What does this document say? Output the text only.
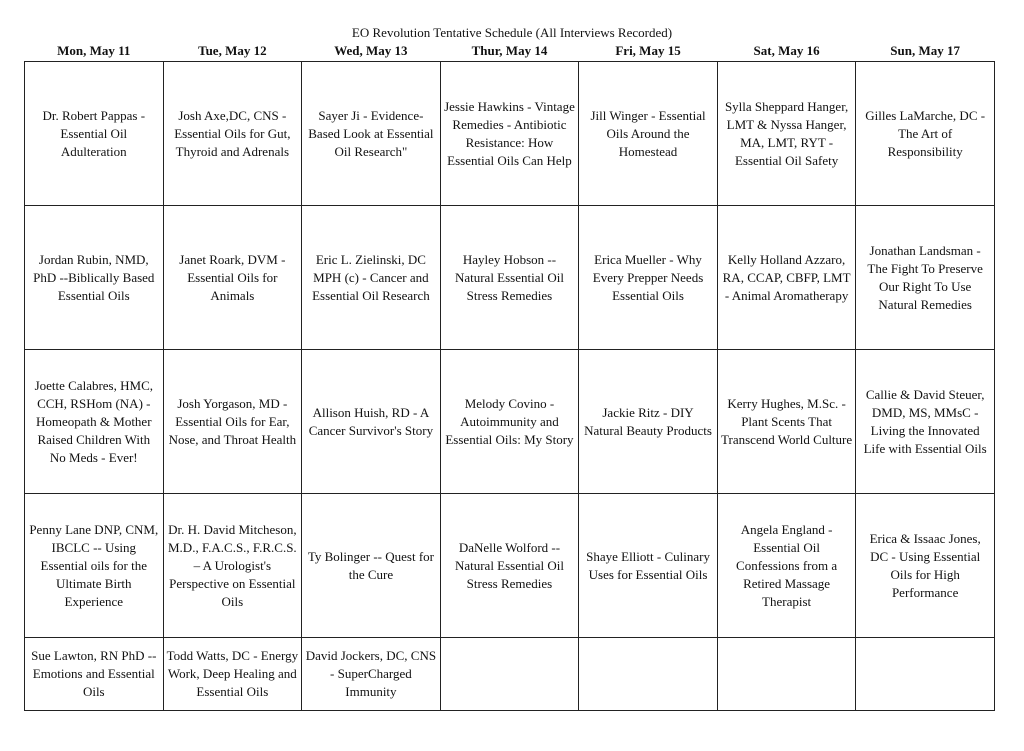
EO Revolution Tentative Schedule (All Interviews Recorded)
Mon, May 11	Tue, May 12	Wed, May 13	Thur, May 14	Fri, May 15	Sat, May 16	Sun, May 17
Dr. Robert Pappas - Essential Oil Adulteration	Josh Axe,DC, CNS - Essential Oils for Gut, Thyroid and Adrenals	Sayer Ji - Evidence-Based Look at Essential Oil Research"	Jessie Hawkins - Vintage Remedies - Antibiotic Resistance: How Essential Oils Can Help	Jill Winger - Essential Oils Around the Homestead	Sylla Sheppard Hanger, LMT & Nyssa Hanger, MA, LMT, RYT - Essential Oil Safety	Gilles LaMarche, DC - The Art of Responsibility
Jordan Rubin, NMD, PhD --Biblically Based Essential Oils	Janet Roark, DVM - Essential Oils for Animals	Eric L. Zielinski, DC MPH (c) - Cancer and Essential Oil Research	Hayley Hobson -- Natural Essential Oil Stress Remedies	Erica Mueller - Why Every Prepper Needs Essential Oils	Kelly Holland Azzaro, RA, CCAP, CBFP, LMT - Animal Aromatherapy	Jonathan Landsman - The Fight To Preserve Our Right To Use Natural Remedies
Joette Calabres, HMC, CCH, RSHom (NA) - Homeopath & Mother Raised Children With No Meds - Ever!	Josh Yorgason, MD - Essential Oils for Ear, Nose, and Throat Health	Allison Huish, RD - A Cancer Survivor's Story	Melody Covino - Autoimmunity and Essential Oils: My Story	Jackie Ritz - DIY Natural Beauty Products	Kerry Hughes, M.Sc. - Plant Scents That Transcend World Culture	Callie & David Steuer, DMD, MS, MMsC - Living the Innovated Life with Essential Oils
Penny Lane DNP, CNM, IBCLC -- Using Essential oils for the Ultimate Birth Experience	Dr. H. David Mitcheson, M.D., F.A.C.S., F.R.C.S. – A Urologist's Perspective on Essential Oils	Ty Bolinger -- Quest for the Cure	DaNelle Wolford -- Natural Essential Oil Stress Remedies	Shaye Elliott - Culinary Uses for Essential Oils	Angela England - Essential Oil Confessions from a Retired Massage Therapist	Erica & Issaac Jones, DC - Using Essential Oils for High Performance
Sue Lawton, RN PhD -- Emotions and Essential Oils	Todd Watts, DC - Energy Work, Deep Healing and Essential Oils	David Jockers, DC, CNS - SuperCharged Immunity				
